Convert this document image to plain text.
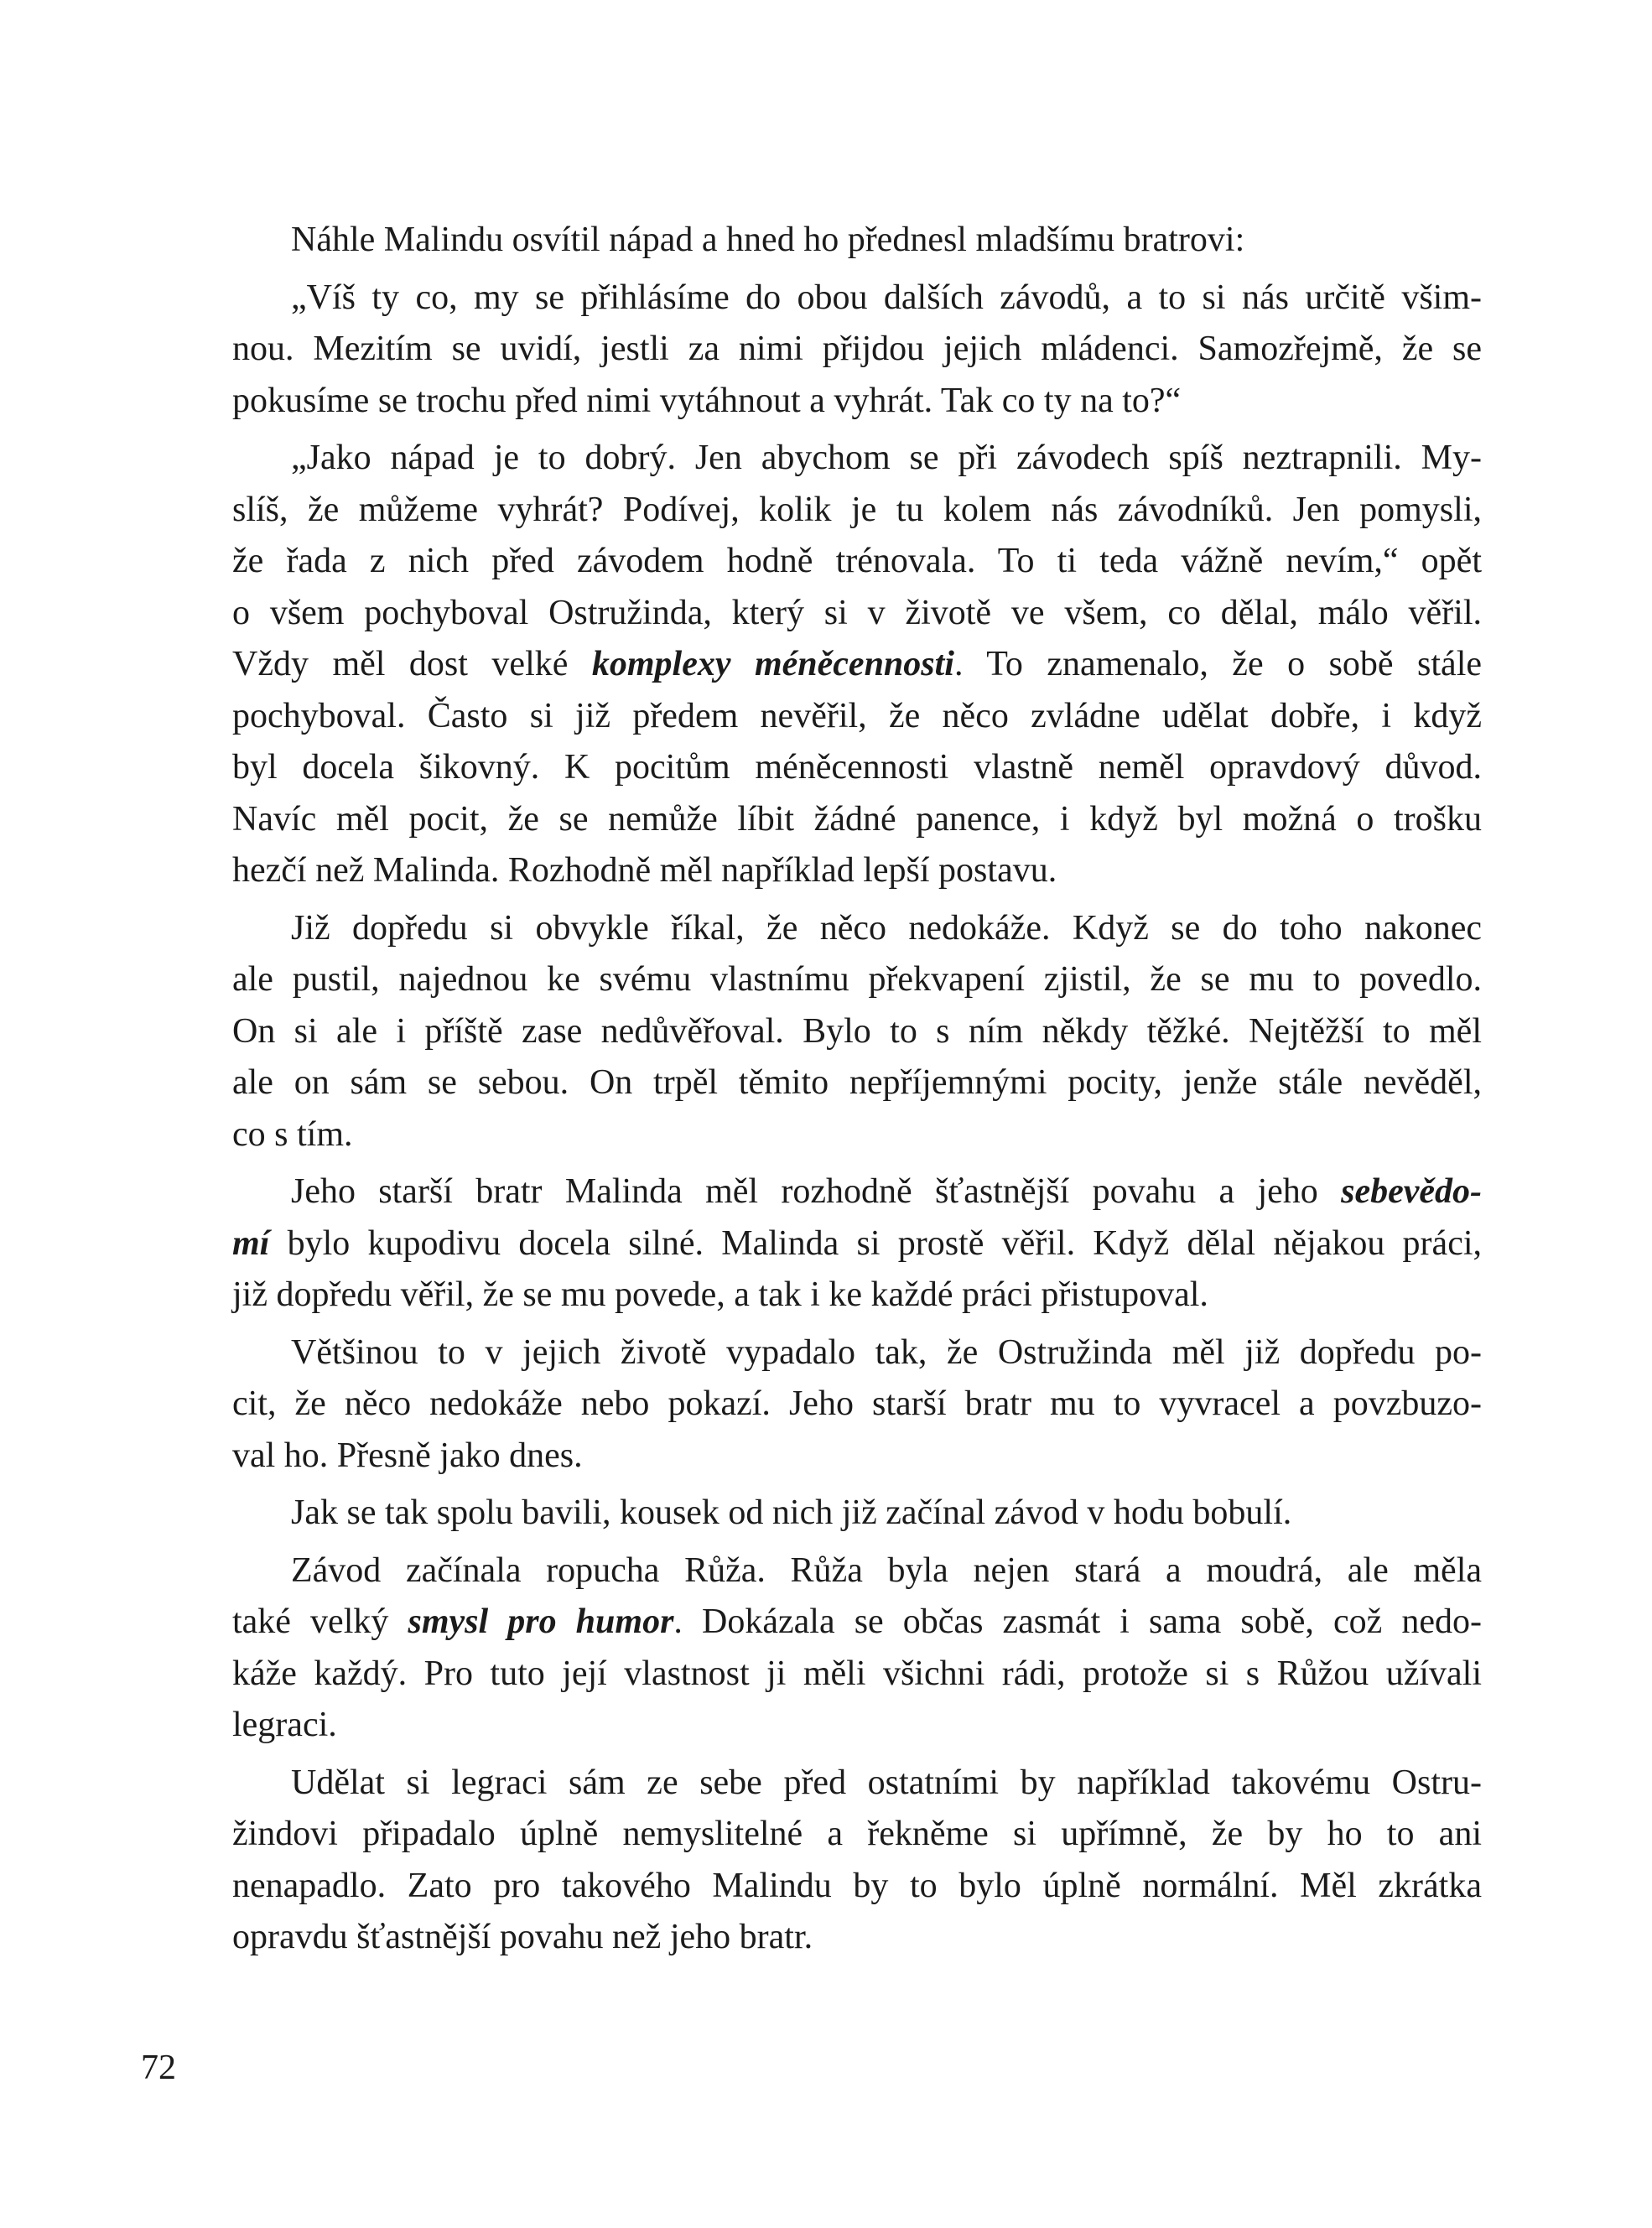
Náhle Malindu osvítil nápad a hned ho přednesl mladšímu bratrovi:
„Víš ty co, my se přihlásíme do obou dalších závodů, a to si nás určitě všim-
nou. Mezitím se uvidí, jestli za nimi přijdou jejich mládenci. Samozřejmě, že se
pokusíme se trochu před nimi vytáhnout a vyhrát. Tak co ty na to?“
„Jako nápad je to dobrý. Jen abychom se při závodech spíš neztrapnili. My-
slíš, že můžeme vyhrát? Podívej, kolik je tu kolem nás závodníků. Jen pomysli,
že řada z nich před závodem hodně trénovala. To ti teda vážně nevím,“ opět
o všem pochyboval Ostružinda, který si v životě ve všem, co dělal, málo věřil.
Vždy měl dost velké komplexy méněcennosti. To znamenalo, že o sobě stále
pochyboval. Často si již předem nevěřil, že něco zvládne udělat dobře, i když
byl docela šikovný. K pocitům méněcennosti vlastně neměl opravdový důvod.
Navíc měl pocit, že se nemůže líbit žádné panence, i když byl možná o trošku
hezčí než Malinda. Rozhodně měl například lepší postavu.
Již dopředu si obvykle říkal, že něco nedokáže. Když se do toho nakonec
ale pustil, najednou ke svému vlastnímu překvapení zjistil, že se mu to povedlo.
On si ale i příště zase nedůvěřoval. Bylo to s ním někdy těžké. Nejtěžší to měl
ale on sám se sebou. On trpěl těmito nepříjemnými pocity, jenže stále nevěděl,
co s tím.
Jeho starší bratr Malinda měl rozhodně šťastnější povahu a jeho sebevědo-
mí bylo kupodivu docela silné. Malinda si prostě věřil. Když dělal nějakou práci,
již dopředu věřil, že se mu povede, a tak i ke každé práci přistupoval.
Většinou to v jejich životě vypadalo tak, že Ostružinda měl již dopředu po-
cit, že něco nedokáže nebo pokazí. Jeho starší bratr mu to vyvracel a povzbuzo-
val ho. Přesně jako dnes.
Jak se tak spolu bavili, kousek od nich již začínal závod v hodu bobulí.
Závod začínala ropucha Růža. Růža byla nejen stará a moudrá, ale měla
také velký smysl pro humor. Dokázala se občas zasmát i sama sobě, což nedo-
káže každý. Pro tuto její vlastnost ji měli všichni rádi, protože si s Růžou užívali
legraci.
Udělat si legraci sám ze sebe před ostatními by například takovému Ostru-
žindovi připadalo úplně nemyslitelné a řekněme si upřímně, že by ho to ani
nenapadlo. Zato pro takového Malindu by to bylo úplně normální. Měl zkrátka
opravdu šťastnější povahu než jeho bratr.
72
